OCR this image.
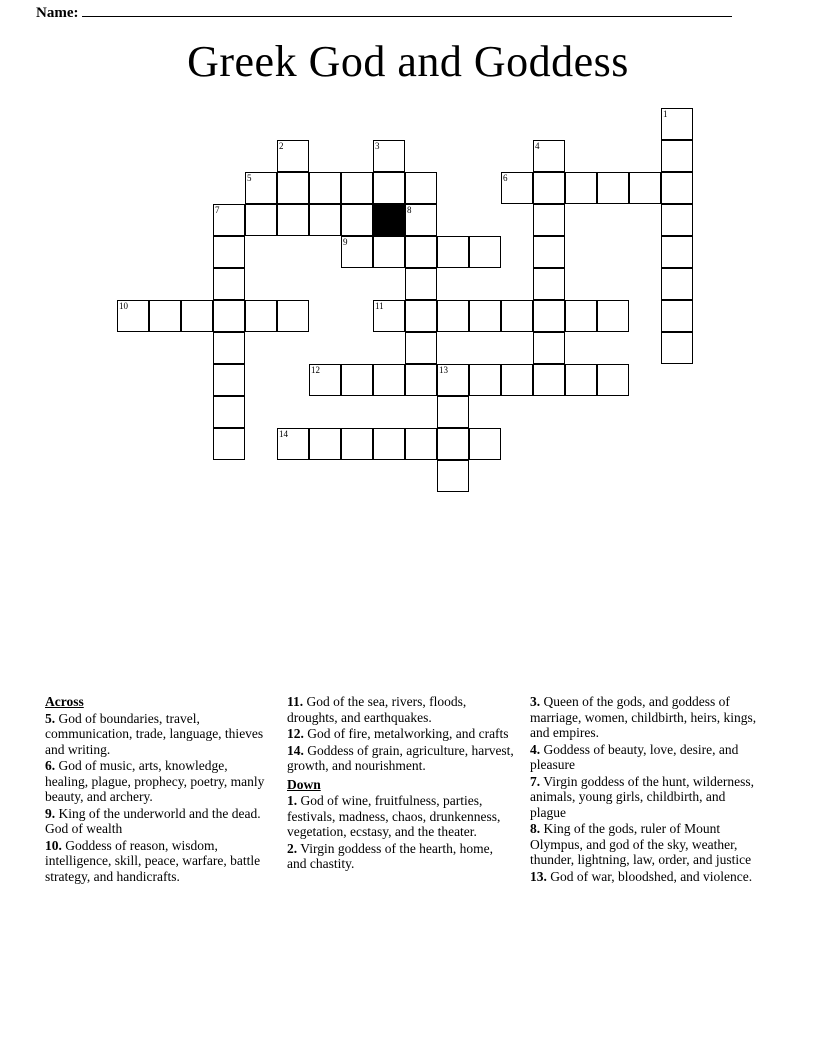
Name:
Greek God and Goddess
1
2	3	4
5	6
7	8
9
10	11
12	13
14
Across
5. God of boundaries, travel, communication, trade, language, thieves and writing.
6. God of music, arts, knowledge, healing, plague, prophecy, poetry, manly beauty, and archery.
9. King of the underworld and the dead. God of wealth
10. Goddess of reason, wisdom, intelligence, skill, peace, warfare, battle strategy, and handicrafts.
11. God of the sea, rivers, floods, droughts, and earthquakes.
12. God of fire, metalworking, and crafts
14. Goddess of grain, agriculture, harvest, growth, and nourishment.
Down
1. God of wine, fruitfulness, parties, festivals, madness, chaos, drunkenness, vegetation, ecstasy, and the theater.
2. Virgin goddess of the hearth, home, and chastity.
3. Queen of the gods, and goddess of marriage, women, childbirth, heirs, kings, and empires.
4. Goddess of beauty, love, desire, and pleasure
7. Virgin goddess of the hunt, wilderness, animals, young girls, childbirth, and plague
8. King of the gods, ruler of Mount Olympus, and god of the sky, weather, thunder, lightning, law, order, and justice
13. God of war, bloodshed, and violence.
